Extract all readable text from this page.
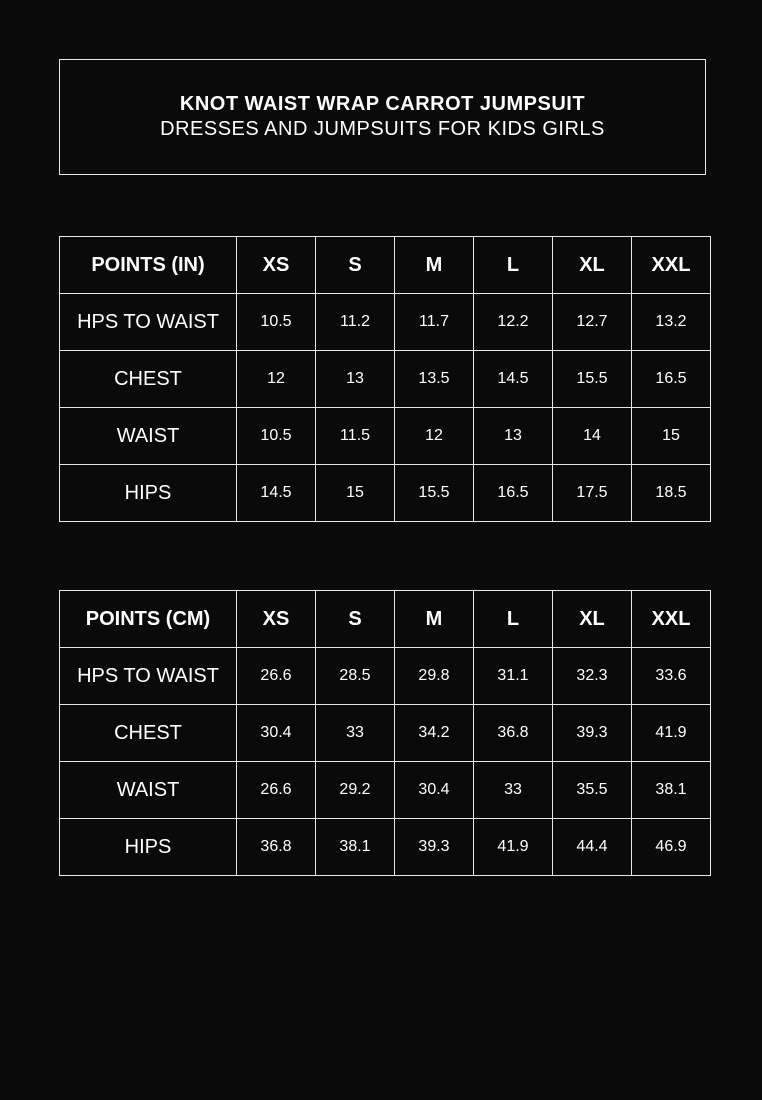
KNOT WAIST WRAP CARROT JUMPSUIT
DRESSES AND JUMPSUITS FOR KIDS GIRLS
POINTS (IN)	XS	S	M	L	XL	XXL
HPS TO WAIST	10.5	11.2	11.7	12.2	12.7	13.2
CHEST	12	13	13.5	14.5	15.5	16.5
WAIST	10.5	11.5	12	13	14	15
HIPS	14.5	15	15.5	16.5	17.5	18.5
POINTS (CM)	XS	S	M	L	XL	XXL
HPS TO WAIST	26.6	28.5	29.8	31.1	32.3	33.6
CHEST	30.4	33	34.2	36.8	39.3	41.9
WAIST	26.6	29.2	30.4	33	35.5	38.1
HIPS	36.8	38.1	39.3	41.9	44.4	46.9
